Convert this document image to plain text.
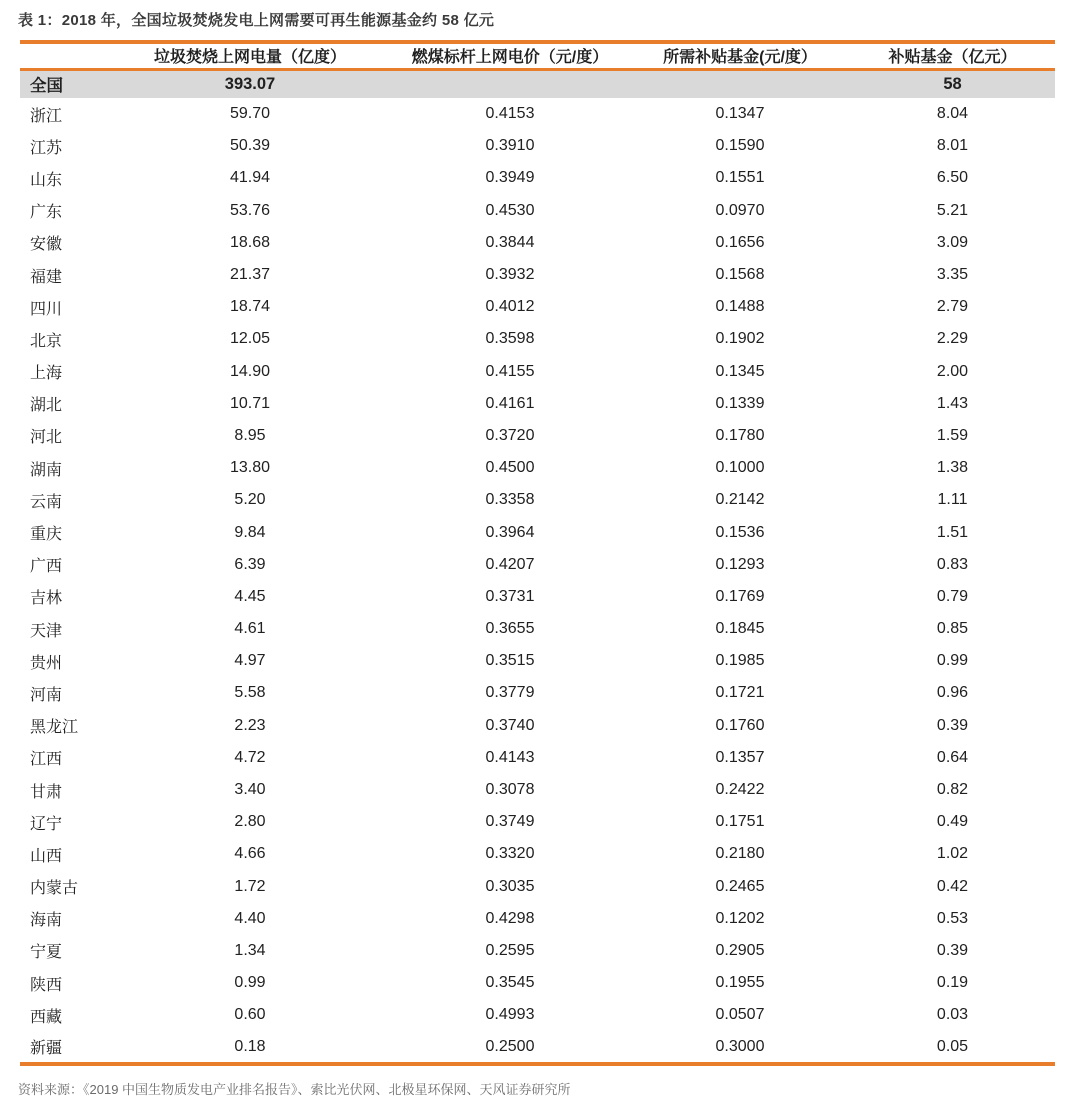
表 1：2018 年，全国垃圾焚烧发电上网需要可再生能源基金约 58 亿元
	垃圾焚烧上网电量（亿度）	燃煤标杆上网电价（元/度）	所需补贴基金(元/度）	补贴基金（亿元）
全国	393.07			58
浙江	59.70	0.4153	0.1347	8.04
江苏	50.39	0.3910	0.1590	8.01
山东	41.94	0.3949	0.1551	6.50
广东	53.76	0.4530	0.0970	5.21
安徽	18.68	0.3844	0.1656	3.09
福建	21.37	0.3932	0.1568	3.35
四川	18.74	0.4012	0.1488	2.79
北京	12.05	0.3598	0.1902	2.29
上海	14.90	0.4155	0.1345	2.00
湖北	10.71	0.4161	0.1339	1.43
河北	8.95	0.3720	0.1780	1.59
湖南	13.80	0.4500	0.1000	1.38
云南	5.20	0.3358	0.2142	1.11
重庆	9.84	0.3964	0.1536	1.51
广西	6.39	0.4207	0.1293	0.83
吉林	4.45	0.3731	0.1769	0.79
天津	4.61	0.3655	0.1845	0.85
贵州	4.97	0.3515	0.1985	0.99
河南	5.58	0.3779	0.1721	0.96
黑龙江	2.23	0.3740	0.1760	0.39
江西	4.72	0.4143	0.1357	0.64
甘肃	3.40	0.3078	0.2422	0.82
辽宁	2.80	0.3749	0.1751	0.49
山西	4.66	0.3320	0.2180	1.02
内蒙古	1.72	0.3035	0.2465	0.42
海南	4.40	0.4298	0.1202	0.53
宁夏	1.34	0.2595	0.2905	0.39
陕西	0.99	0.3545	0.1955	0.19
西藏	0.60	0.4993	0.0507	0.03
新疆	0.18	0.2500	0.3000	0.05
资料来源：《2019 中国生物质发电产业排名报告》、索比光伏网、北极星环保网、天风证券研究所
